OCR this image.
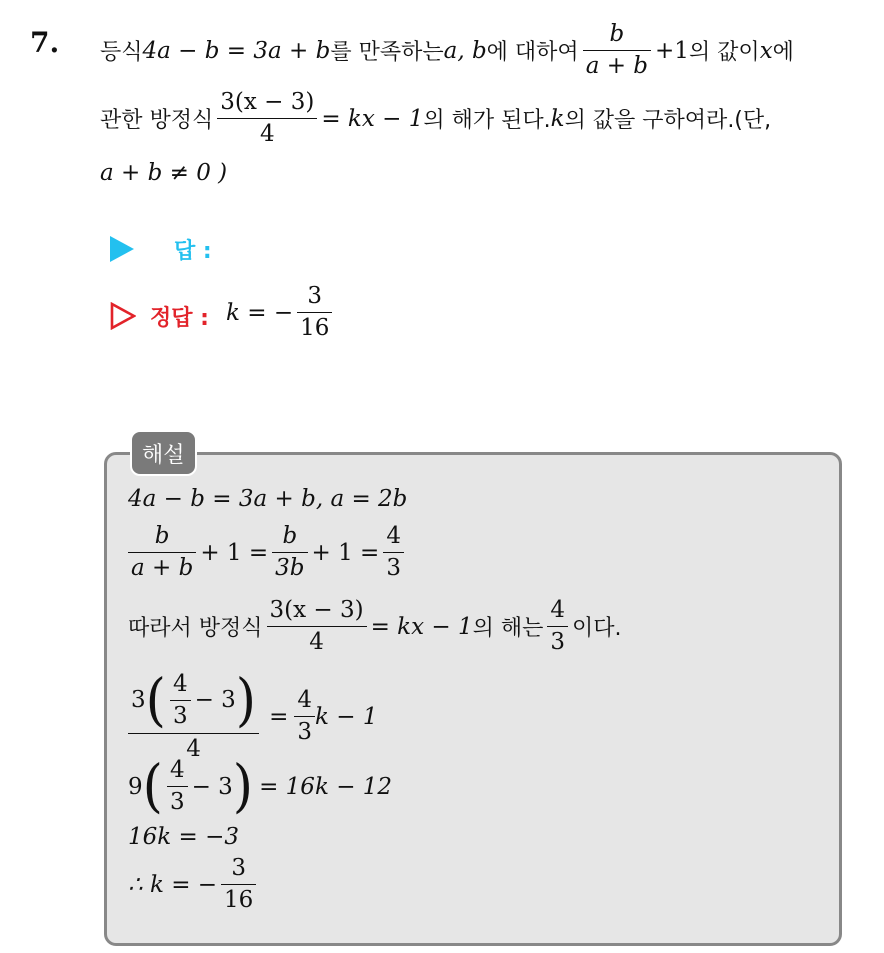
7. 등식 4a − b = 3a + b 를 만족하는 a, b 에 대하여 $\frac{b}{a + b} +1$ 의 값이 x 에
관한 방정식 $\frac{3(x - 3)}{4}$ = kx − 1 의 해가 된다. k 의 값을 구하여라.(단,
a + b ≠ 0 )
답 :
정답 : k = − $\frac{3}{16}$
해설
4a − b = 3a + b, a = 2b
$\frac{b}{a + b} + 1 = \frac{b}{3b} + 1 = \frac{4}{3}$
따라서 방정식 $\frac{3(x - 3)}{4}$ = kx − 1 의 해는 $\frac{4}{3}$ 이다.
3 ( $\frac{4}{3} - 3$ )
4
= $\frac{4}{3}$ k − 1
9 ( $\frac{4}{3} - 3$ ) = 16k − 12
16k = −3
∴ k = − $\frac{3}{16}$
